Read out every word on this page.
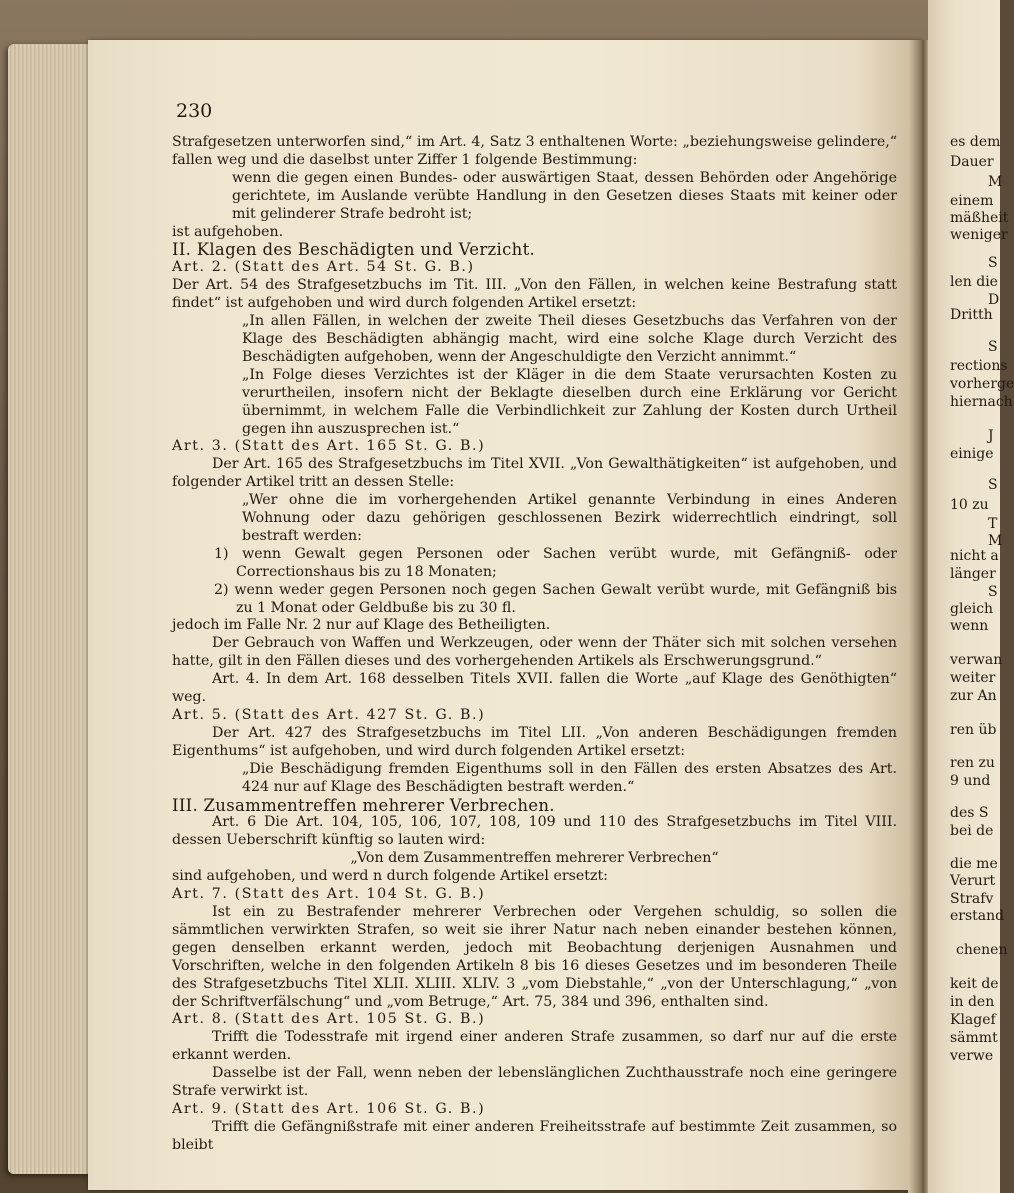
230

Strafgesetzen unterworfen sind,“ im Art. 4, Satz 3 enthaltenen Worte: „beziehungsweise gelindere,“ fallen weg und die daselbst unter Ziffer 1 folgende Bestimmung:

wenn die gegen einen Bundes- oder auswärtigen Staat, dessen Behörden oder Angehörige gerichtete, im Auslande verübte Handlung in den Gesetzen dieses Staats mit keiner oder mit gelinderer Strafe bedroht ist;

ist aufgehoben.

II. Klagen des Beschädigten und Verzicht.

Art. 2. (Statt des Art. 54 St. G. B.)

Der Art. 54 des Strafgesetzbuchs im Tit. III. „Von den Fällen, in welchen keine Bestrafung statt findet“ ist aufgehoben und wird durch folgenden Artikel ersetzt:

„In allen Fällen, in welchen der zweite Theil dieses Gesetzbuchs das Verfahren von der Klage des Beschädigten abhängig macht, wird eine solche Klage durch Verzicht des Beschädigten aufgehoben, wenn der Angeschuldigte den Verzicht annimmt.“

„In Folge dieses Verzichtes ist der Kläger in die dem Staate verursachten Kosten zu verurtheilen, insofern nicht der Beklagte dieselben durch eine Erklärung vor Gericht übernimmt, in welchem Falle die Verbindlichkeit zur Zahlung der Kosten durch Urtheil gegen ihn auszusprechen ist.“

Art. 3. (Statt des Art. 165 St. G. B.)

Der Art. 165 des Strafgesetzbuchs im Titel XVII. „Von Gewalthätigkeiten“ ist aufgehoben, und folgender Artikel tritt an dessen Stelle:

„Wer ohne die im vorhergehenden Artikel genannte Verbindung in eines Anderen Wohnung oder dazu gehörigen geschlossenen Bezirk widerrechtlich eindringt, soll bestraft werden:

1) wenn Gewalt gegen Personen oder Sachen verübt wurde, mit Gefängniß- oder Correctionshaus bis zu 18 Monaten;

2) wenn weder gegen Personen noch gegen Sachen Gewalt verübt wurde, mit Gefängniß bis zu 1 Monat oder Geldbuße bis zu 30 fl.

jedoch im Falle Nr. 2 nur auf Klage des Betheiligten.

Der Gebrauch von Waffen und Werkzeugen, oder wenn der Thäter sich mit solchen versehen hatte, gilt in den Fällen dieses und des vorhergehenden Artikels als Erschwerungsgrund.“

Art. 4. In dem Art. 168 desselben Titels XVII. fallen die Worte „auf Klage des Genöthigten“ weg.

Art. 5. (Statt des Art. 427 St. G. B.)

Der Art. 427 des Strafgesetzbuchs im Titel LII. „Von anderen Beschädigungen fremden Eigenthums“ ist aufgehoben, und wird durch folgenden Artikel ersetzt:

„Die Beschädigung fremden Eigenthums soll in den Fällen des ersten Absatzes des Art. 424 nur auf Klage des Beschädigten bestraft werden.“

III. Zusammentreffen mehrerer Verbrechen.

Art. 6 Die Art. 104, 105, 106, 107, 108, 109 und 110 des Strafgesetzbuchs im Titel VIII. dessen Ueberschrift künftig so lauten wird:

„Von dem Zusammentreffen mehrerer Verbrechen“

sind aufgehoben, und werd n durch folgende Artikel ersetzt:

Art. 7. (Statt des Art. 104 St. G. B.)

Ist ein zu Bestrafender mehrerer Verbrechen oder Vergehen schuldig, so sollen die sämmtlichen verwirkten Strafen, so weit sie ihrer Natur nach neben einander bestehen können, gegen denselben erkannt werden, jedoch mit Beobachtung derjenigen Ausnahmen und Vorschriften, welche in den folgenden Artikeln 8 bis 16 dieses Gesetzes und im besonderen Theile des Strafgesetzbuchs Titel XLII. XLIII. XLIV. 3 „vom Diebstahle,“ „von der Unterschlagung,“ „von der Schriftverfälschung“ und „vom Betruge,“ Art. 75, 384 und 396, enthalten sind.

Art. 8. (Statt des Art. 105 St. G. B.)

Trifft die Todesstrafe mit irgend einer anderen Strafe zusammen, so darf nur auf die erste erkannt werden.

Dasselbe ist der Fall, wenn neben der lebenslänglichen Zuchthausstrafe noch eine geringere Strafe verwirkt ist.

Art. 9. (Statt des Art. 106 St. G. B.)

Trifft die Gefängnißstrafe mit einer anderen Freiheitsstrafe auf bestimmte Zeit zusammen, so bleibt

es dem
Dauer
M
einem
mäßheit
weniger
S
len die
D
Dritth
S
rections
vorherge
hiernach
J
einige
S
10 zu
T
M
nicht a
länger
S
gleich
wenn
verwan
weiter
zur An
ren üb
ren zu
9 und
des S
bei de
die me
Verurt
Strafv
erstand
chenen
keit de
in den
Klagef
sämmt
verwe
